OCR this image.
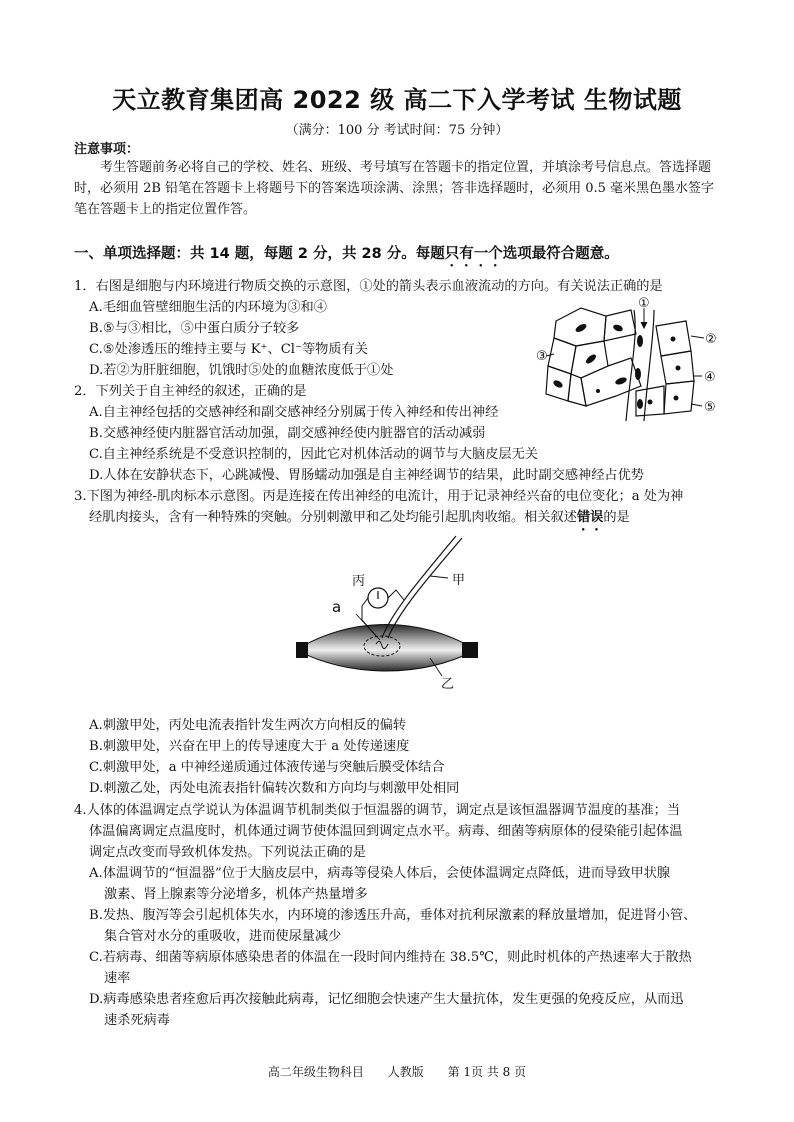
天立教育集团高 2022 级 高二下入学考试 生物试题
（满分：100 分 考试时间：75 分钟）
注意事项：
考生答题前务必将自己的学校、姓名、班级、考号填写在答题卡的指定位置，并填涂考号信息点。答选择题时，必须用 2B 铅笔在答题卡上将题号下的答案选项涂满、涂黑；答非选择题时，必须用 0.5 毫米黑色墨水签字笔在答题卡上的指定位置作答。
一、单项选择题：共 14 题，每题 2 分，共 28 分。每题只有一个选项最符合题意。
1．右图是细胞与内环境进行物质交换的示意图，①处的箭头表示血液流动的方向。有关说法正确的是
A.毛细血管壁细胞生活的内环境为③和④
B.⑤与③相比，⑤中蛋白质分子较多
C.⑤处渗透压的维持主要与 K⁺、Cl⁻等物质有关
D.若②为肝脏细胞，饥饿时⑤处的血糖浓度低于①处
①
②
③
④
⑤
2．下列关于自主神经的叙述，正确的是
A.自主神经包括的交感神经和副交感神经分别属于传入神经和传出神经
B.交感神经使内脏器官活动加强，副交感神经使内脏器官的活动减弱
C.自主神经系统是不受意识控制的，因此它对机体活动的调节与大脑皮层无关
D.人体在安静状态下，心跳减慢、胃肠蠕动加强是自主神经调节的结果，此时副交感神经占优势
3.下图为神经-肌肉标本示意图。丙是连接在传出神经的电流计，用于记录神经兴奋的电位变化；a 处为神
经肌肉接头，含有一种特殊的突触。分别刺激甲和乙处均能引起肌肉收缩。相关叙述错误的是
丙	甲
a
乙
A.刺激甲处，丙处电流表指针发生两次方向相反的偏转
B.刺激甲处，兴奋在甲上的传导速度大于 a 处传递速度
C.刺激甲处，a 中神经递质通过体液传递与突触后膜受体结合
D.刺激乙处，丙处电流表指针偏转次数和方向均与刺激甲处相同
4.人体的体温调定点学说认为体温调节机制类似于恒温器的调节，调定点是该恒温器调节温度的基准；当
体温偏离调定点温度时，机体通过调节使体温回到调定点水平。病毒、细菌等病原体的侵染能引起体温
调定点改变而导致机体发热。下列说法正确的是
A.体温调节的“恒温器”位于大脑皮层中，病毒等侵染人体后，会使体温调定点降低，进而导致甲状腺
激素、肾上腺素等分泌增多，机体产热量增多
B.发热、腹泻等会引起机体失水，内环境的渗透压升高，垂体对抗利尿激素的释放量增加，促进肾小管、
集合管对水分的重吸收，进而使尿量减少
C.若病毒、细菌等病原体感染患者的体温在一段时间内维持在 38.5℃，则此时机体的产热速率大于散热
速率
D.病毒感染患者痊愈后再次接触此病毒，记忆细胞会快速产生大量抗体，发生更强的免疫反应，从而迅
速杀死病毒
高二年级生物科目 人教版 第 1页 共 8 页
